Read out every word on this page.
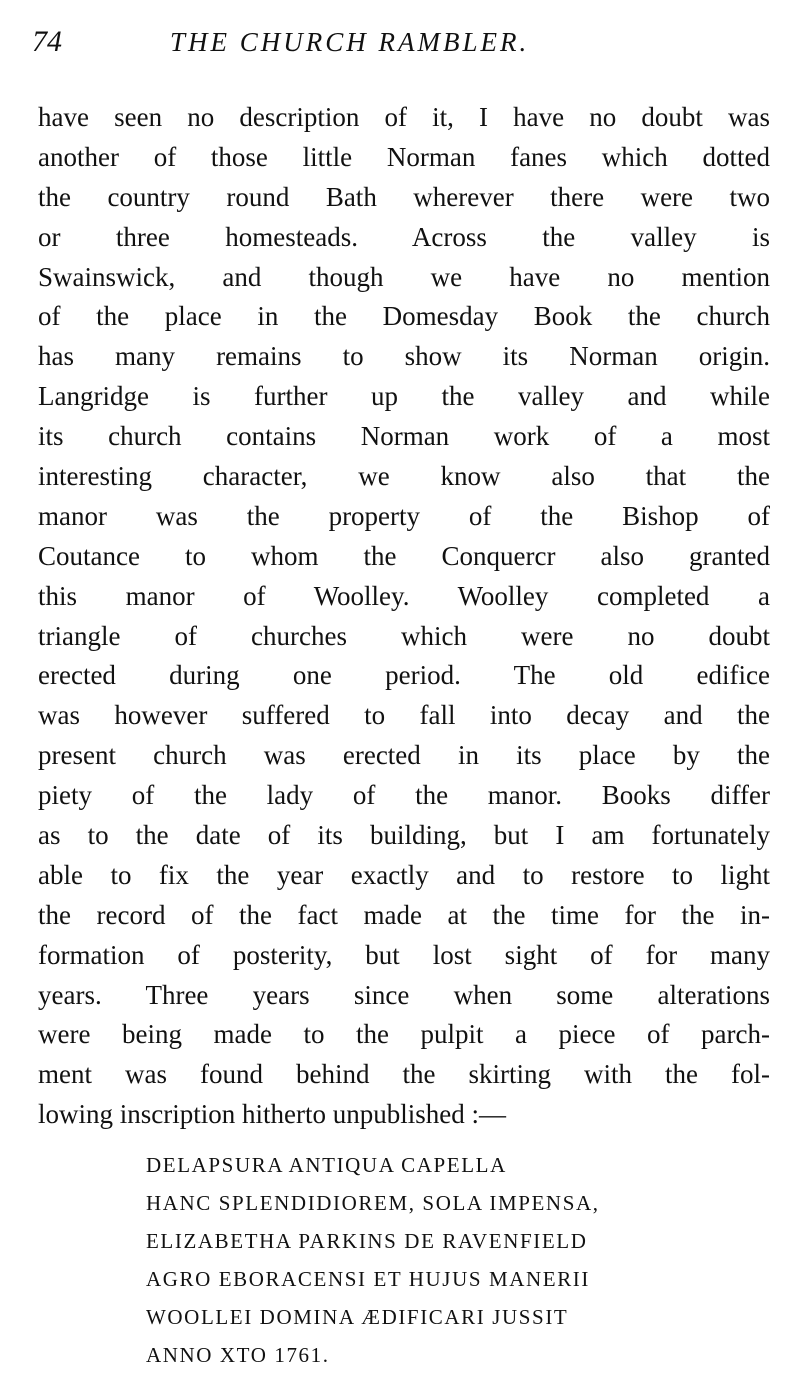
74	THE CHURCH RAMBLER.
have seen no description of it, I have no doubt was
another of those little Norman fanes which dotted
the country round Bath wherever there were two
or three homesteads. Across the valley is
Swainswick, and though we have no mention
of the place in the Domesday Book the church
has many remains to show its Norman origin.
Langridge is further up the valley and while
its church contains Norman work of a most
interesting character, we know also that the
manor was the property of the Bishop of
Coutance to whom the Conquercr also granted
this manor of Woolley. Woolley completed a
triangle of churches which were no doubt
erected during one period. The old edifice
was however suffered to fall into decay and the
present church was erected in its place by the
piety of the lady of the manor. Books differ
as to the date of its building, but I am fortunately
able to fix the year exactly and to restore to light
the record of the fact made at the time for the in-
formation of posterity, but lost sight of for many
years. Three years since when some alterations
were being made to the pulpit a piece of parch-
ment was found behind the skirting with the fol-
lowing inscription hitherto unpublished :—
DELAPSURA ANTIQUA CAPELLA
HANC SPLENDIDIOREM, SOLA IMPENSA,
ELIZABETHA PARKINS DE RAVENFIELD
AGRO EBORACENSI ET HUJUS MANERII
WOOLLEI DOMINA ÆDIFICARI JUSSIT
ANNO XTO 1761.
